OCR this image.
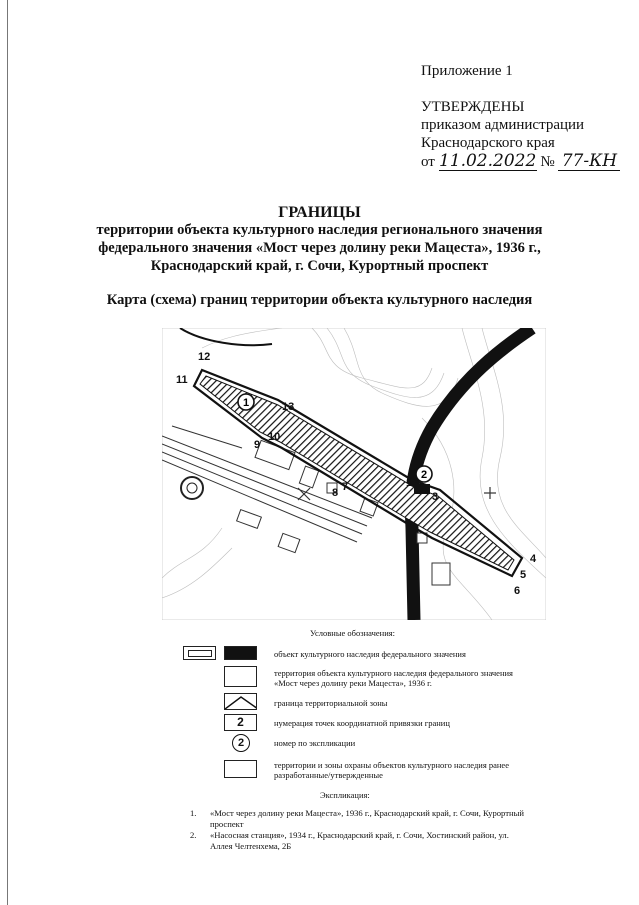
Приложение 1
УТВЕРЖДЕНЫ
приказом администрации
Краснодарского края
от 11.02.2022 № 77-КН
ГРАНИЦЫ
территории объекта культурного наследия регионального значения
федерального значения «Мост через долину реки Мацеста», 1936 г.,
Краснодарский край, г. Сочи, Курортный проспект
Карта (схема) границ территории объекта культурного наследия
12
11
13
10
9
8 7	1
3
4
5
6
1
2
Условные обозначения:
объект культурного наследия федерального значения
территория объекта культурного наследия федерального значения «Мост через долину реки Мацеста», 1936 г.
граница территориальной зоны
2	нумерация точек координатной привязки границ
2	номер по экспликации
территории и зоны охраны объектов культурного наследия ранее разработанные/утвержденные
Экспликация:
1. «Мост через долину реки Мацеста», 1936 г., Краснодарский край, г. Сочи, Курортный проспект
2. «Насосная станция», 1934 г., Краснодарский край, г. Сочи, Хостинский район, ул. Аллея Челтенхема, 2Б
